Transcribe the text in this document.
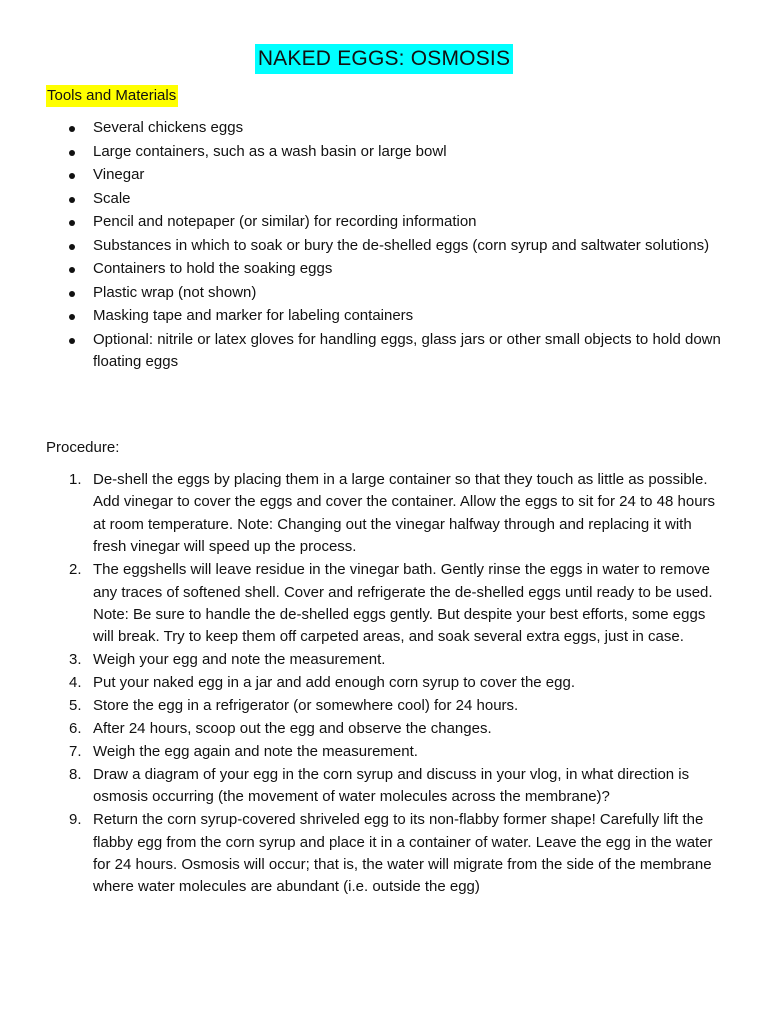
NAKED EGGS: OSMOSIS
Tools and Materials
Several chickens eggs
Large containers, such as a wash basin or large bowl
Vinegar
Scale
Pencil and notepaper (or similar) for recording information
Substances in which to soak or bury the de-shelled eggs (corn syrup and saltwater solutions)
Containers to hold the soaking eggs
Plastic wrap (not shown)
Masking tape and marker for labeling containers
Optional: nitrile or latex gloves for handling eggs, glass jars or other small objects to hold down floating eggs
Procedure:
1. De-shell the eggs by placing them in a large container so that they touch as little as possible. Add vinegar to cover the eggs and cover the container. Allow the eggs to sit for 24 to 48 hours at room temperature. Note: Changing out the vinegar halfway through and replacing it with fresh vinegar will speed up the process.
2. The eggshells will leave residue in the vinegar bath. Gently rinse the eggs in water to remove any traces of softened shell. Cover and refrigerate the de-shelled eggs until ready to be used. Note: Be sure to handle the de-shelled eggs gently. But despite your best efforts, some eggs will break. Try to keep them off carpeted areas, and soak several extra eggs, just in case.
3. Weigh your egg and note the measurement.
4. Put your naked egg in a jar and add enough corn syrup to cover the egg.
5. Store the egg in a refrigerator (or somewhere cool) for 24 hours.
6. After 24 hours, scoop out the egg and observe the changes.
7. Weigh the egg again and note the measurement.
8. Draw a diagram of your egg in the corn syrup and discuss in your vlog, in what direction is osmosis occurring (the movement of water molecules across the membrane)?
9. Return the corn syrup-covered shriveled egg to its non-flabby former shape! Carefully lift the flabby egg from the corn syrup and place it in a container of water. Leave the egg in the water for 24 hours. Osmosis will occur; that is, the water will migrate from the side of the membrane where water molecules are abundant (i.e. outside the egg)
